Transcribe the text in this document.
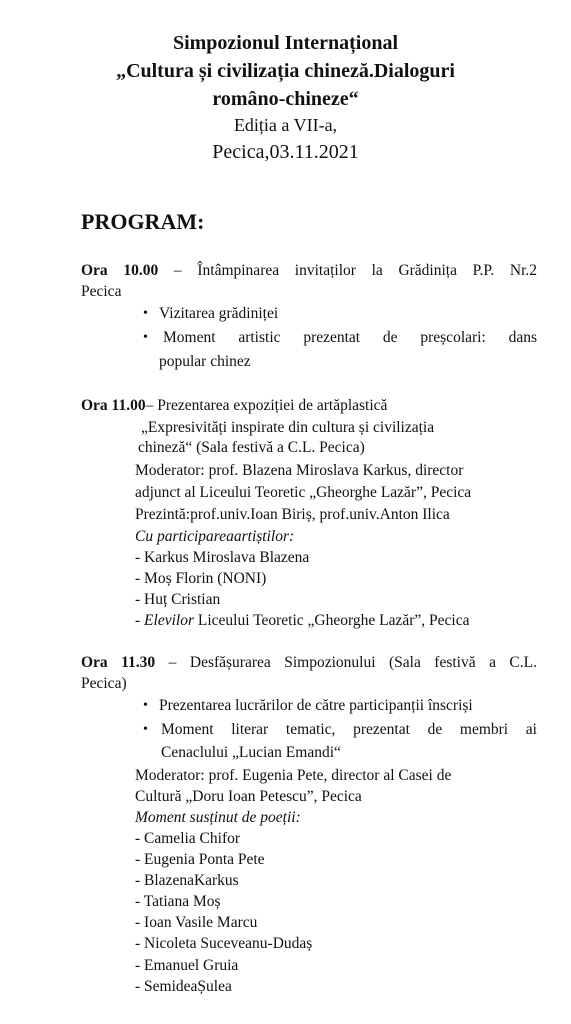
Simpozionul Internațional
„Cultura și civilizația chineză.Dialoguri
româno-chineze“
Ediția a VII-a,
Pecica,03.11.2021
PROGRAM:
Ora 10.00 – Întâmpinarea invitaților la Grădinița P.P. Nr.2
Pecica
• Vizitarea grădiniței
• Moment artistic prezentat de preșcolari: dans
popular chinez
Ora 11.00– Prezentarea expoziției de artăplastică
„Expresivități inspirate din cultura și civilizația
chineză“ (Sala festivă a C.L. Pecica)
Moderator: prof. Blazena Miroslava Karkus, director
adjunct al Liceului Teoretic „Gheorghe Lazăr”, Pecica
Prezintă:prof.univ.Ioan Biriș, prof.univ.Anton Ilica
Cu participareaartiștilor:
- Karkus Miroslava Blazena
- Moș Florin (NONI)
- Huț Cristian
- Elevilor Liceului Teoretic „Gheorghe Lazăr”, Pecica
Ora 11.30 – Desfășurarea Simpozionului (Sala festivă a C.L.
Pecica)
• Prezentarea lucrărilor de către participanții înscriși
• Moment literar tematic, prezentat de membri ai
Cenaclului „Lucian Emandi“
Moderator: prof. Eugenia Pete, director al Casei de
Cultură „Doru Ioan Petescu”, Pecica
Moment susținut de poeții:
- Camelia Chifor
- Eugenia Ponta Pete
- BlazenaKarkus
- Tatiana Moș
- Ioan Vasile Marcu
- Nicoleta Suceveanu-Dudaș
- Emanuel Gruia
- SemideaȘulea
